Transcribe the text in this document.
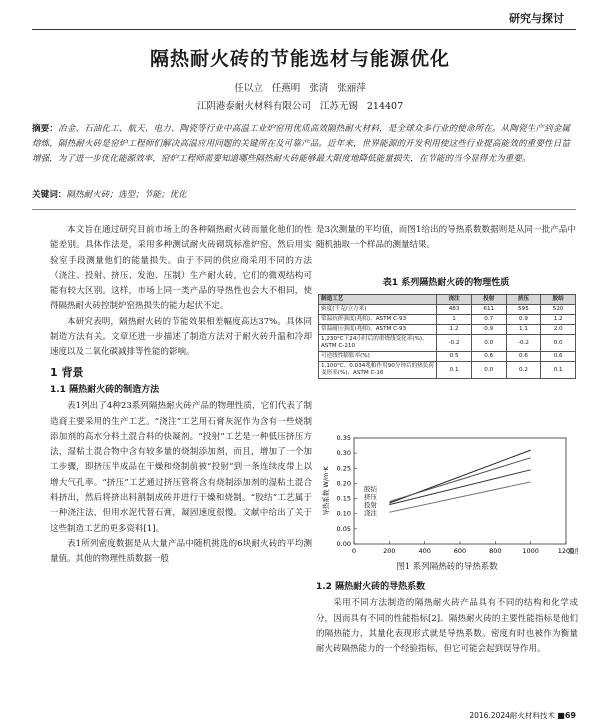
研究与探讨
隔热耐火砖的节能选材与能源优化
任以立 任燕明 张清 张丽萍
江阴港泰耐火材料有限公司 江苏无锡 214407

摘要：冶金、石油化工、航天、电力、陶瓷等行业中高温工业炉窑用优质高效隔热耐火材料，是全球众多行业的使命所在。从陶瓷生产到金属熔炼，隔热耐火砖是窑炉工程师们解决高温应用问题的关键所在及可靠产品。近年来，世界能源的开发利用使这些行业提高能效的重要性日益增强，为了进一步优化能源效率，窑炉工程师需要知道哪些隔热耐火砖能够最大限度地降低能量损失，在节能的当今显得尤为重要。

关键词：隔热耐火砖；选型；节能；优化

本文旨在通过研究目前市场上的各种隔热耐火砖而量化他们的性能差别。具体作法是，采用多种测试耐火砖砌筑标准炉窑，然后用实验室手段测量他们的能量损失。由于不同的供应商采用不同的方法（浇注、投射、挤压、发泡、压制）生产耐火砖，它们的微观结构可能有较大区别。这样，市场上同一类产品的导热性也会大不相同，使得隔热耐火砖控制炉窑热损失的能力起伏不定。

本研究表明，隔热耐火砖的节能效果相差幅度高达37%。具体同制造方法有关。文章还进一步描述了制造方法对于耐火砖升温和冷却速度以及二氧化碳减排等性能的影响。

1 背景
1.1 隔热耐火砖的制造方法

表1列出了4种23系列隔热耐火砖产品的物理性质，它们代表了制造商主要采用的生产工艺。“浇注”工艺用石膏灰泥作为含有一些烧制添加剂的高水分料土混合料的快凝剂。“投射”工艺是一种低压挤压方法，湿粘土混合物中含有较多量的烧制添加剂，而且，增加了一个加工步骤，即挤压半成品在干燥和烧制前被“投射”到一条连续皮带上以增大气孔率。“挤压”工艺通过挤压管将含有烧制添加剂的湿粘土混合料挤出，然后将挤出料割制成砖并进行干燥和烧制。“胶结”工艺属于一种浇注法，但用水泥代替石膏，凝固速度很慢。文献中给出了关于这些制造工艺的更多资料[1]。

表1所列密度数据是从大量产品中随机挑选的6块耐火砖的平均测量值。其他的物理性质数据一般

是3次测量的平均值，而图1给出的导热系数数据则是从同一批产品中随机抽取一个样品的测量结果。

表1 系列隔热耐火砖的物理性质
制造工艺	浇注	投射	挤压	胶结
密度(千克/立方米)	483	611	595	520
常温抗折强度(兆帕)、ASTM C-93	1	0.7	0.9	1.2
常温耐压强度(兆帕)、ASTM C-93	1.2	0.9	1.1	2.0
1,230°C下24小时后的重烧线变化率(%)、ASTM C-210	-0.2	0.0	-0.2	0.0
可逆线性膨胀率(%)	0.5	0.6	0.6	0.6
1,100°C、0.034兆帕作用90分钟后的热负荷变形率(%)、ASTM C-16	0.1	0.0	0.2	0.1
0.00
0.05
0.10
0.15
0.20
0.25
0.30
0.35
0	200	400	600	800	1000	1200
温度
导热系数 W/m·K	胶结
挤压
投射
浇注
图1 系列隔热砖的导热系数
1.2 隔热耐火砖的导热系数

采用不同方法制造的隔热耐火砖产品具有不同的结构和化学成分，因而具有不同的性能指标[2]。隔热耐火砖的主要性能指标是他们的隔热能力，其量化表现形式就是导热系数。密度有时也被作为衡量耐火砖隔热能力的一个经验指标，但它可能会起到误导作用。

2016.2024耐火材料技术 ■69
